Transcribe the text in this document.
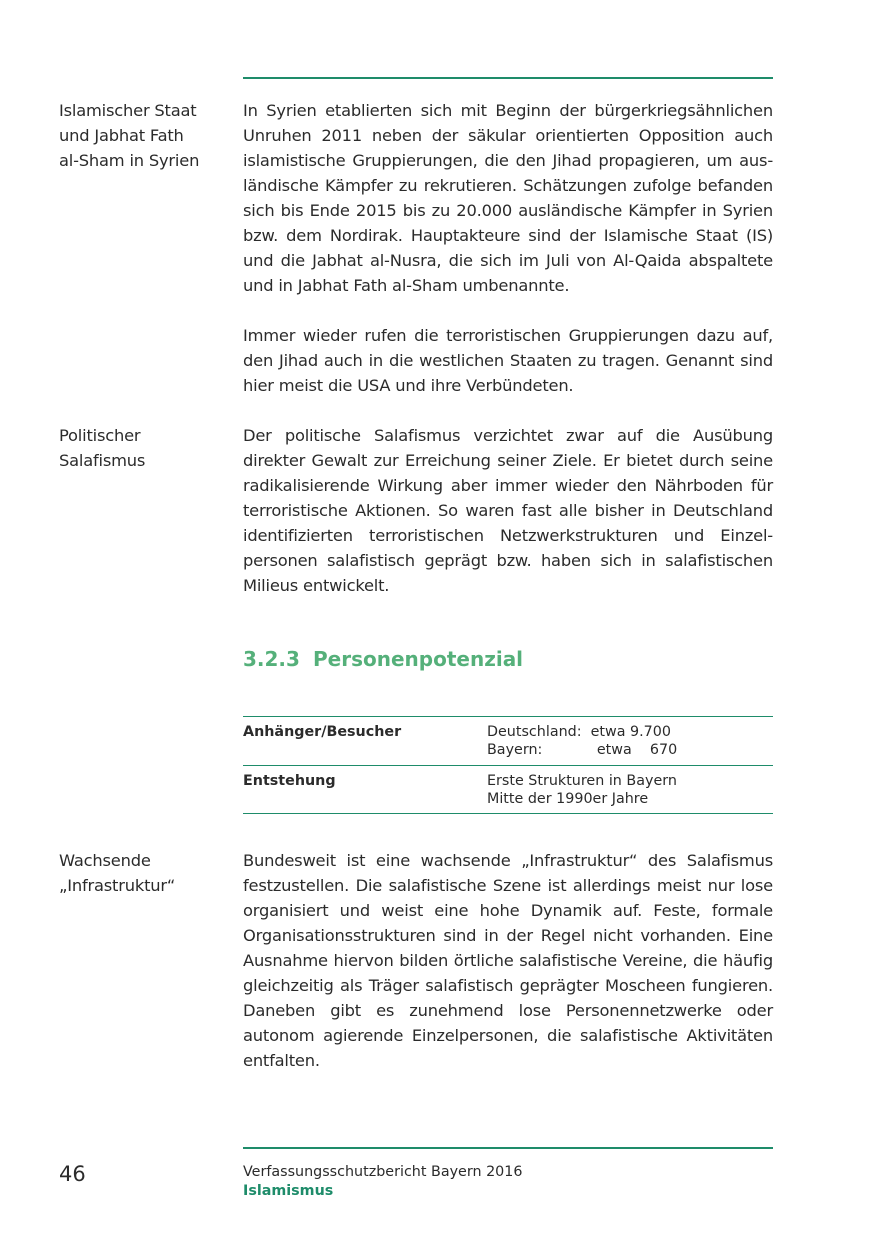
Islamischer Staat
und Jabhat Fath
al-Sham in Syrien
In Syrien etablierten sich mit Beginn der bürgerkriegsähnlichen
Unruhen 2011 neben der säkular orientierten Opposition auch
islamistische Gruppierungen, die den Jihad propagieren, um aus-
ländische Kämpfer zu rekrutieren. Schätzungen zufolge befanden
sich bis Ende 2015 bis zu 20.000 ausländische Kämpfer in Syrien
bzw. dem Nordirak. Hauptakteure sind der Islamische Staat (IS)
und die Jabhat al-Nusra, die sich im Juli von Al-Qaida abspaltete
und in Jabhat Fath al-Sham umbenannte.
Immer wieder rufen die terroristischen Gruppierungen dazu auf,
den Jihad auch in die westlichen Staaten zu tragen. Genannt sind
hier meist die USA und ihre Verbündeten.
Politischer
Salafismus
Der politische Salafismus verzichtet zwar auf die Ausübung
direkter Gewalt zur Erreichung seiner Ziele. Er bietet durch seine
radikalisierende Wirkung aber immer wieder den Nährboden für
terroristische Aktionen. So waren fast alle bisher in Deutschland
identifizierten terroristischen Netzwerkstrukturen und Einzel-
personen salafistisch geprägt bzw. haben sich in salafistischen
Milieus entwickelt.
3.2.3 Personenpotenzial
Anhänger/Besucher	Deutschland:  etwa 9.700
Bayern:            etwa    670
Entstehung	Erste Strukturen in Bayern
Mitte der 1990er Jahre
Wachsende
„Infrastruktur“
Bundesweit ist eine wachsende „Infrastruktur“ des Salafismus
festzustellen. Die salafistische Szene ist allerdings meist nur lose
organisiert und weist eine hohe Dynamik auf. Feste, formale
Organisationsstrukturen sind in der Regel nicht vorhanden. Eine
Ausnahme hiervon bilden örtliche salafistische Vereine, die häufig
gleichzeitig als Träger salafistisch geprägter Moscheen fungieren.
Daneben gibt es zunehmend lose Personennetzwerke oder
autonom agierende Einzelpersonen, die salafistische Aktivitäten
entfalten.
46	Verfassungsschutzbericht Bayern 2016
Islamismus
